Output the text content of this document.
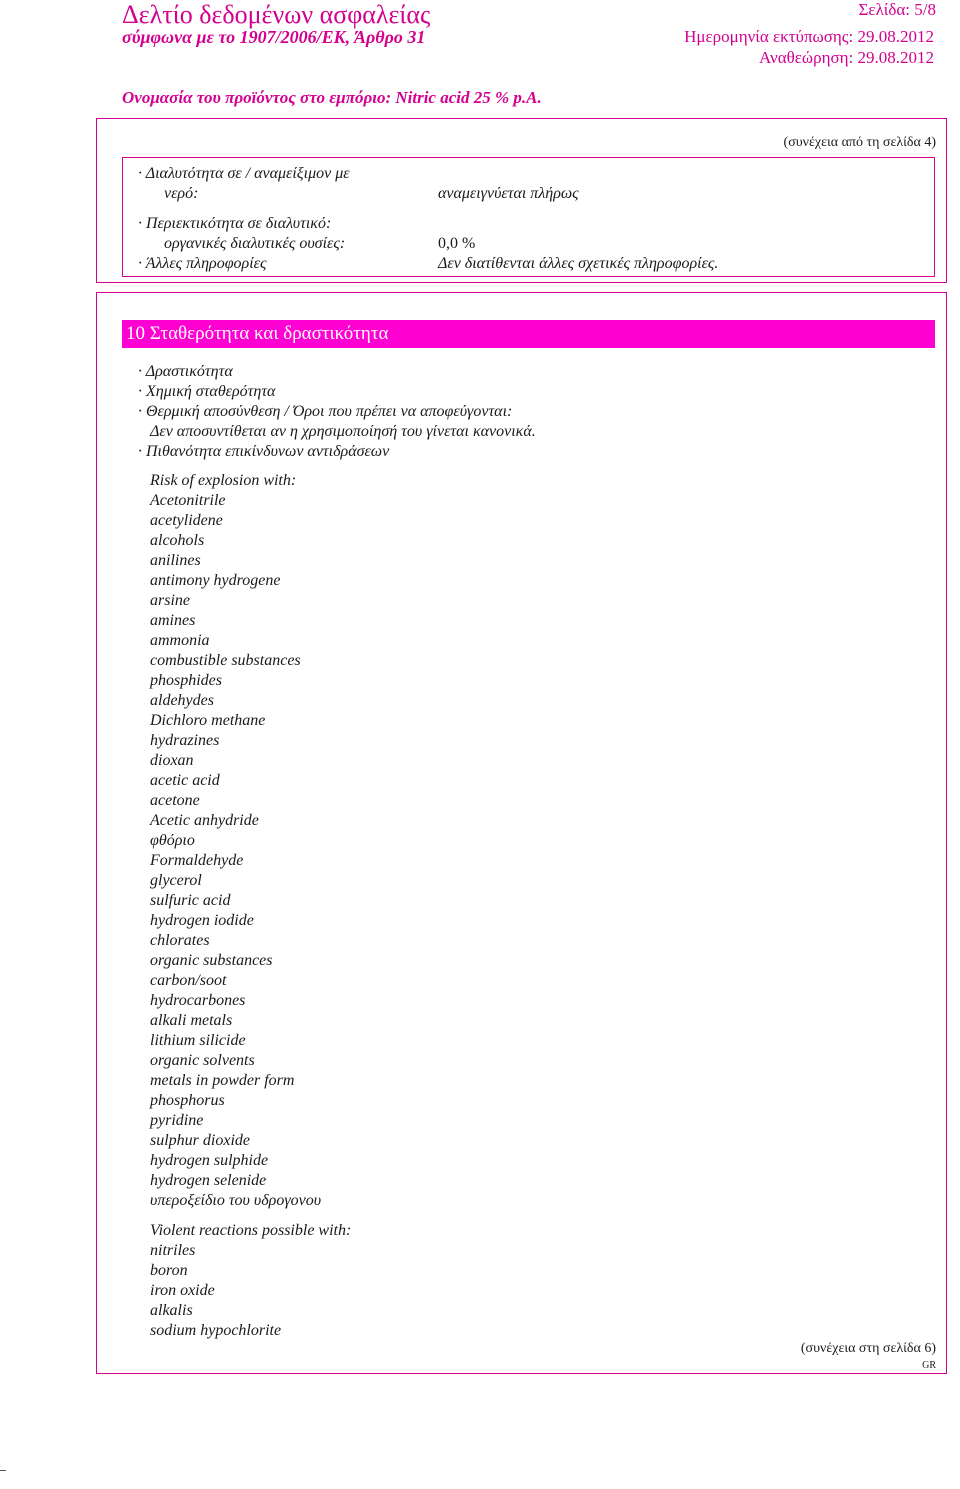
Δελτίο δεδομένων ασφαλείας
σύμφωνα με το 1907/2006/ΕΚ, Άρθρο 31
Σελίδα: 5/8
Ημερομηνία εκτύπωσης: 29.08.2012
Αναθεώρηση: 29.08.2012
Ονομασία του προϊόντος στο εμπόριο: Nitric acid 25 % p.A.
(συνέχεια από τη σελίδα 4)
· Διαλυτότητα σε / αναμείξιμον με
νερό:	αναμειγνύεται πλήρως
· Περιεκτικότητα σε διαλυτικό:
οργανικές διαλυτικές ουσίες:	0,0 %
· Άλλες πληροφορίες	Δεν διατίθενται άλλες σχετικές πληροφορίες.
10 Σταθερότητα και δραστικότητα
· Δραστικότητα
· Χημική σταθερότητα
· Θερμική αποσύνθεση / Όροι που πρέπει να αποφεύγονται:
Δεν αποσυντίθεται αν η χρησιμοποίησή του γίνεται κανονικά.
· Πιθανότητα επικίνδυνων αντιδράσεων
Risk of explosion with:
Acetonitrile
acetylidene
alcohols
anilines
antimony hydrogene
arsine
amines
ammonia
combustible substances
phosphides
aldehydes
Dichloro methane
hydrazines
dioxan
acetic acid
acetone
Acetic anhydride
φθόριο
Formaldehyde
glycerol
sulfuric acid
hydrogen iodide
chlorates
organic substances
carbon/soot
hydrocarbones
alkali metals
lithium silicide
organic solvents
metals in powder form
phosphorus
pyridine
sulphur dioxide
hydrogen sulphide
hydrogen selenide
υπεροξείδιο του υδρογονου
Violent reactions possible with:
nitriles
boron
iron oxide
alkalis
sodium hypochlorite
(συνέχεια στη σελίδα 6)
GR
